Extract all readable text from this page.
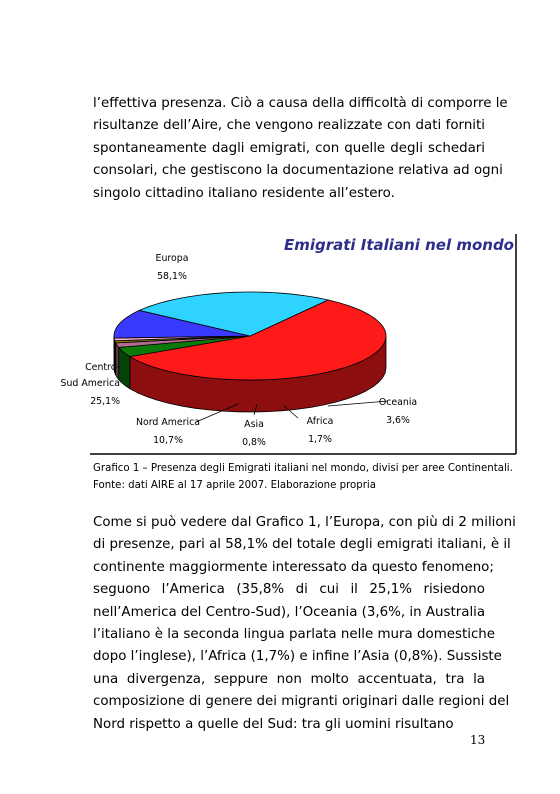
l’effettiva presenza. Ciò a causa della difficoltà di comporre le
risultanze dell’Aire, che vengono realizzate con dati forniti
spontaneamente dagli emigrati, con quelle degli schedari
consolari, che gestiscono la documentazione relativa ad ogni
singolo cittadino italiano residente all’estero.
Europa
58,1%
Oceania
3,6%
Africa
1,7%
Asia
0,8%
Nord America
10,7%
Centro-
Sud America
25,1%
Emigrati Italiani nel mondo
Grafico 1 – Presenza degli Emigrati italiani nel mondo, divisi per aree Continentali.
Fonte: dati AIRE al 17 aprile 2007. Elaborazione propria
Come si può vedere dal Grafico 1, l’Europa, con più di 2 milioni
di presenze, pari al 58,1% del totale degli emigrati italiani, è il
continente maggiormente interessato da questo fenomeno;
seguono l’America (35,8% di cui il 25,1% risiedono
nell’America del Centro-Sud), l’Oceania (3,6%, in Australia
l’italiano è la seconda lingua parlata nelle mura domestiche
dopo l’inglese), l’Africa (1,7%) e infine l’Asia (0,8%). Sussiste
una divergenza, seppure non molto accentuata, tra la
composizione di genere dei migranti originari dalle regioni del
Nord rispetto a quelle del Sud: tra gli uomini risultano
13
